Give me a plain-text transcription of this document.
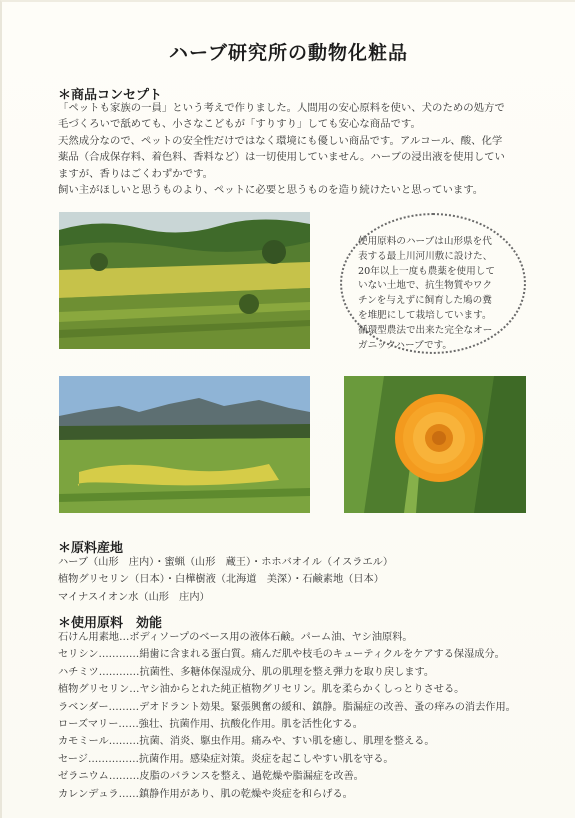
ハーブ研究所の動物化粧品
＊商品コンセプト
「ペットも家族の一員」という考えで作りました。人間用の安心原料を使い、犬のための処方で
毛づくろいで舐めても、小さなこどもが「すりすり」しても安心な商品です。
天然成分なので、ペットの安全性だけではなく環境にも優しい商品です。アルコール、酸、化学
薬品（合成保存料、着色料、香料など）は一切使用していません。ハーブの浸出液を使用してい
ますが、香りはごくわずかです。
飼い主がほしいと思うものより、ペットに必要と思うものを造り続けたいと思っています。
使用原料のハーブは山形県を代
表する最上川河川敷に設けた、
20年以上一度も農薬を使用して
いない土地で、抗生物質やワク
チンを与えずに飼育した鳩の糞
を堆肥にして栽培しています。
循環型農法で出来た完全なオー
ガニックハーブです。
＊原料産地
ハーブ（山形　庄内）・蜜蝋（山形　蔵王）・ホホバオイル（イスラエル）
植物グリセリン（日本）・白樺樹液（北海道　美深）・石鹸素地（日本）
マイナスイオン水（山形　庄内）
＊使用原料　効能
石けん用素地…ボディソープのベース用の液体石鹸。パーム油、ヤシ油原料。
セリシン…………絹歯に含まれる蛋白質。痛んだ肌や枝毛のキューティクルをケアする保湿成分。
ハチミツ…………抗菌性、多糖体保湿成分、肌の肌理を整え弾力を取り戻します。
植物グリセリン…ヤシ油からとれた純正植物グリセリン。肌を柔らかくしっとりさせる。
ラベンダー………デオドラント効果。緊張興奮の緩和、鎮静。脂漏症の改善、蚤の痒みの消去作用。
ローズマリー……強壮、抗菌作用、抗酸化作用。肌を活性化する。
カモミール………抗菌、消炎、駆虫作用。痛みや、すい肌を癒し、肌理を整える。
セージ……………抗菌作用。感染症対策。炎症を起こしやすい肌を守る。
ゼラニウム………皮脂のバランスを整え、過乾燥や脂漏症を改善。
カレンデュラ……鎮静作用があり、肌の乾燥や炎症を和らげる。
